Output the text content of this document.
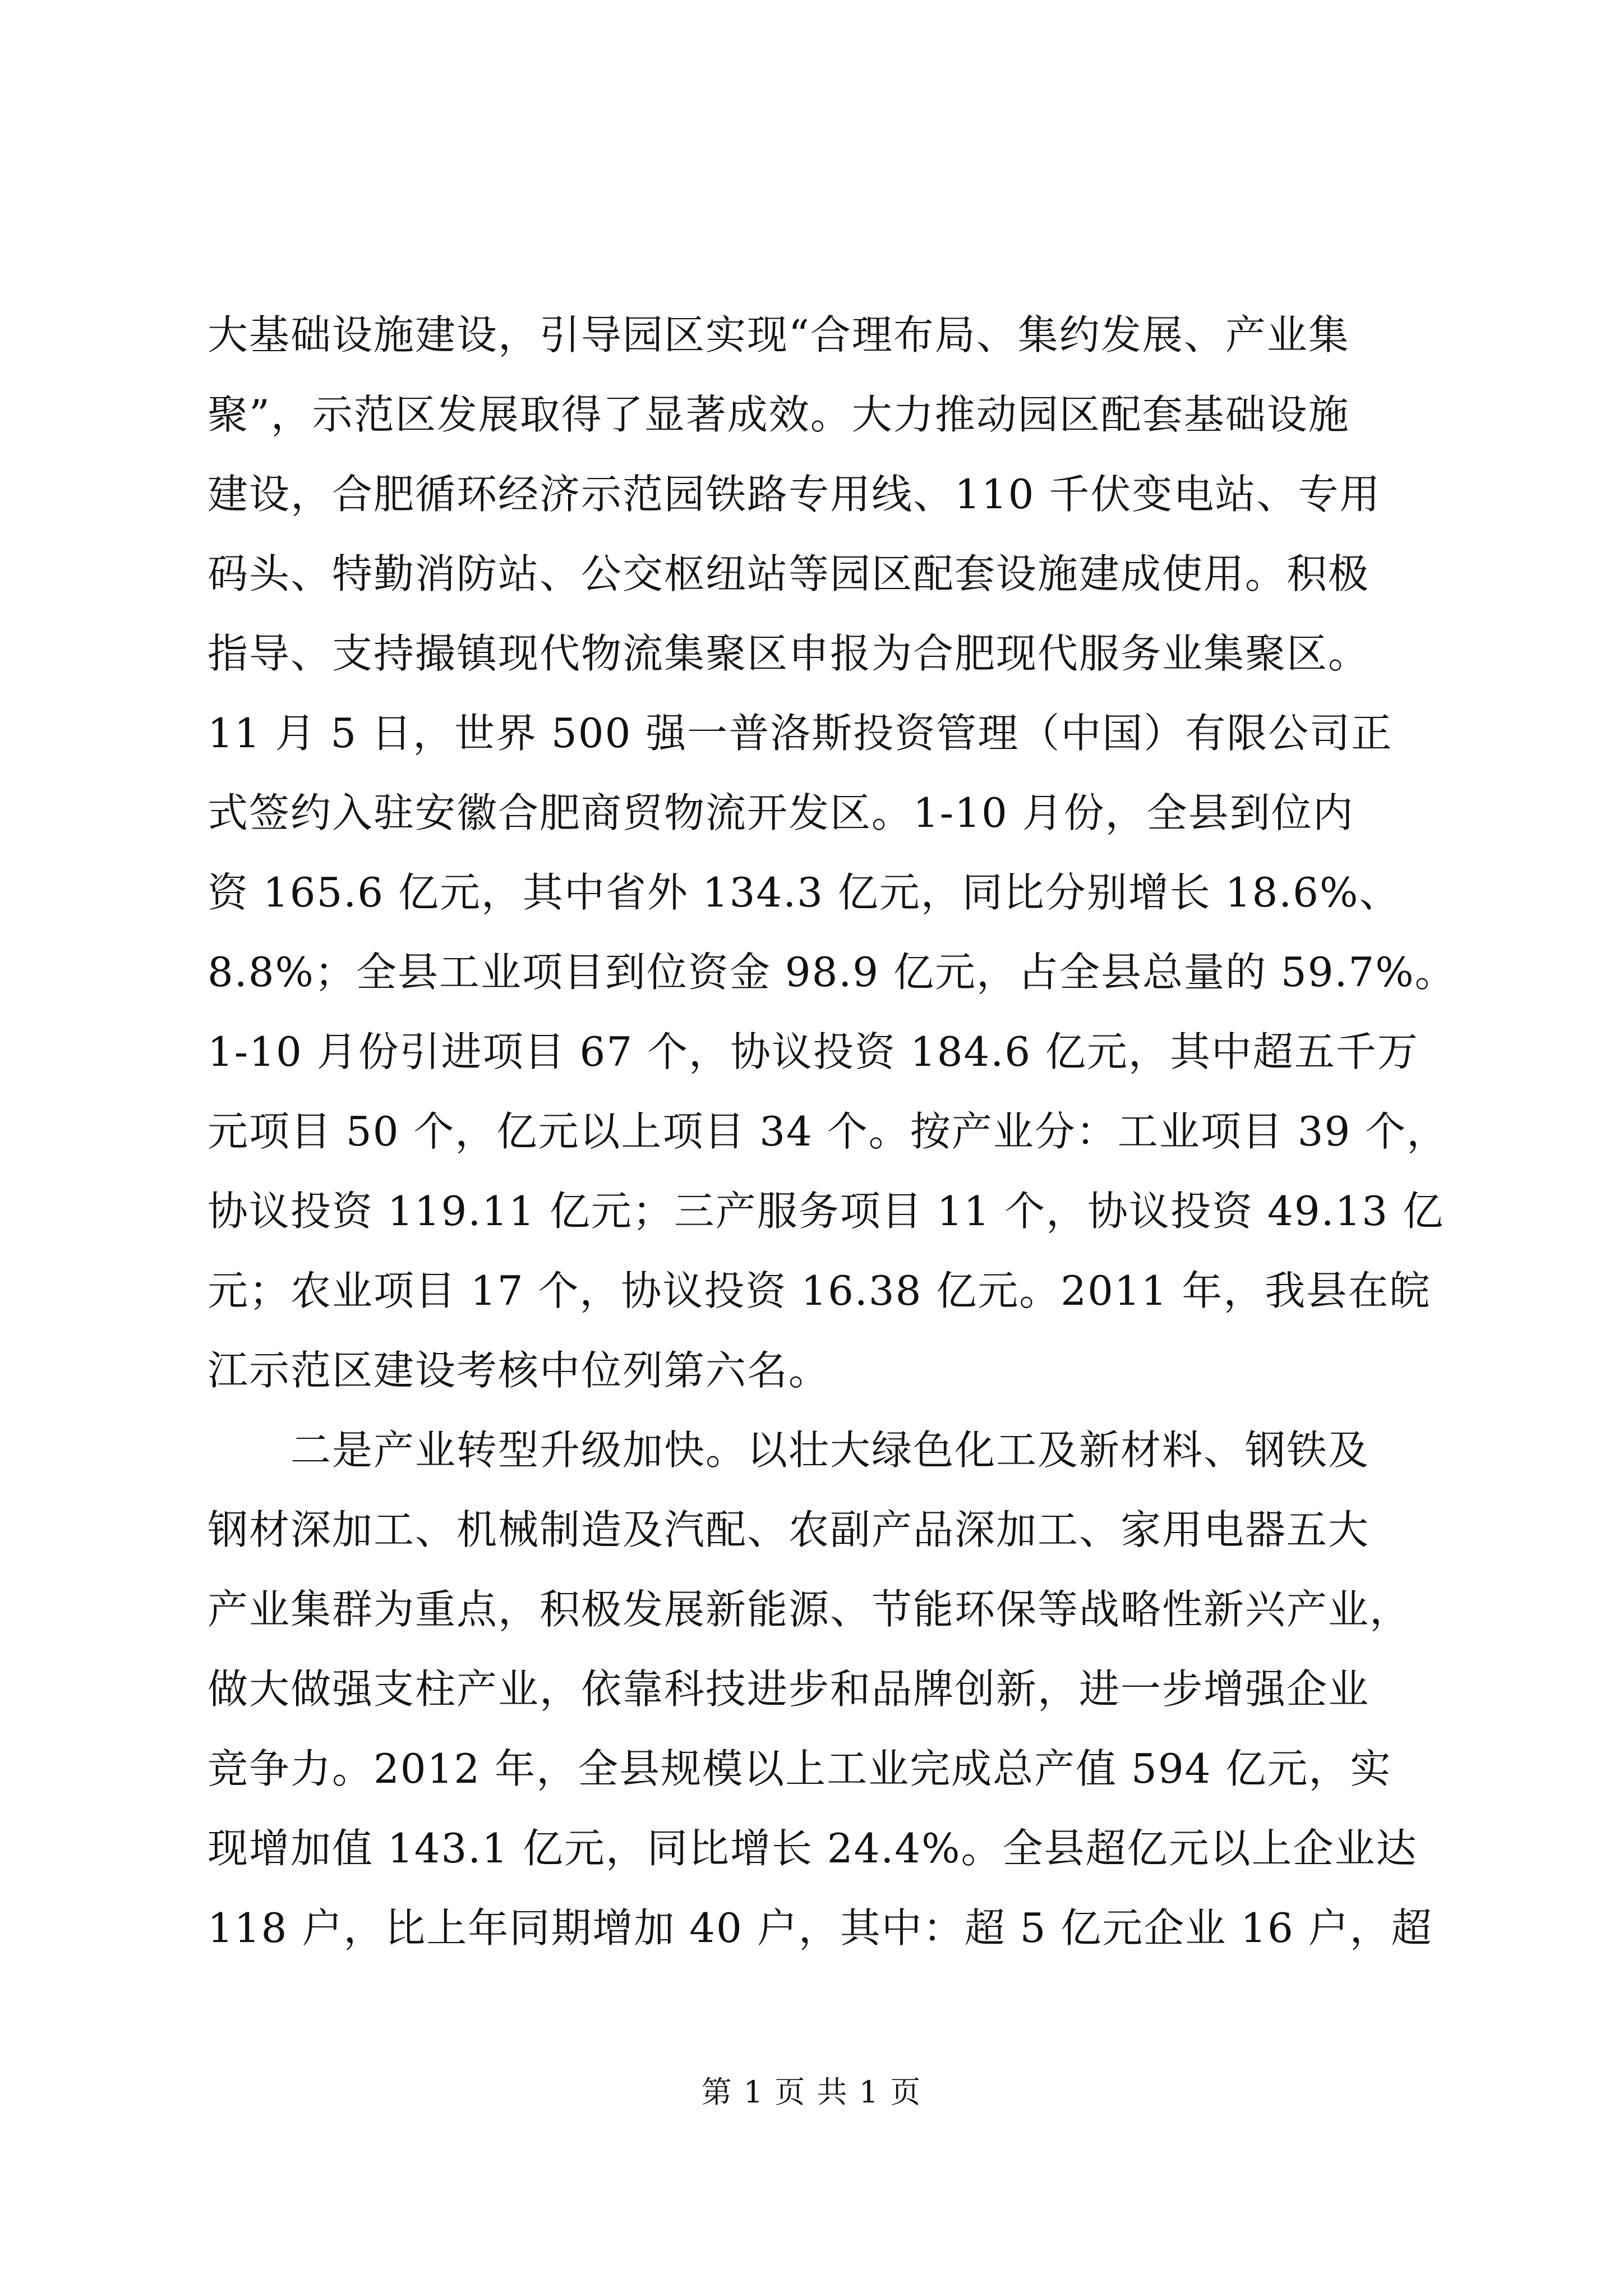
大基础设施建设，引导园区实现“合理布局、集约发展、产业集
聚”，示范区发展取得了显著成效。大力推动园区配套基础设施
建设，合肥循环经济示范园铁路专用线、110 千伏变电站、专用
码头、特勤消防站、公交枢纽站等园区配套设施建成使用。积极
指导、支持撮镇现代物流集聚区申报为合肥现代服务业集聚区。
11 月 5 日，世界 500 强一普洛斯投资管理（中国）有限公司正
式签约入驻安徽合肥商贸物流开发区。1-10 月份，全县到位内
资 165.6 亿元，其中省外 134.3 亿元，同比分别增长 18.6%、
8.8%；全县工业项目到位资金 98.9 亿元，占全县总量的 59.7%。
1-10 月份引进项目 67 个，协议投资 184.6 亿元，其中超五千万
元项目 50 个，亿元以上项目 34 个。按产业分：工业项目 39 个，
协议投资 119.11 亿元；三产服务项目 11 个，协议投资 49.13 亿
元；农业项目 17 个，协议投资 16.38 亿元。2011 年，我县在皖
江示范区建设考核中位列第六名。
　　二是产业转型升级加快。以壮大绿色化工及新材料、钢铁及
钢材深加工、机械制造及汽配、农副产品深加工、家用电器五大
产业集群为重点，积极发展新能源、节能环保等战略性新兴产业，
做大做强支柱产业，依靠科技进步和品牌创新，进一步增强企业
竞争力。2012 年，全县规模以上工业完成总产值 594 亿元，实
现增加值 143.1 亿元，同比增长 24.4%。全县超亿元以上企业达
118 户，比上年同期增加 40 户，其中：超 5 亿元企业 16 户，超
第 1 页 共 1 页
